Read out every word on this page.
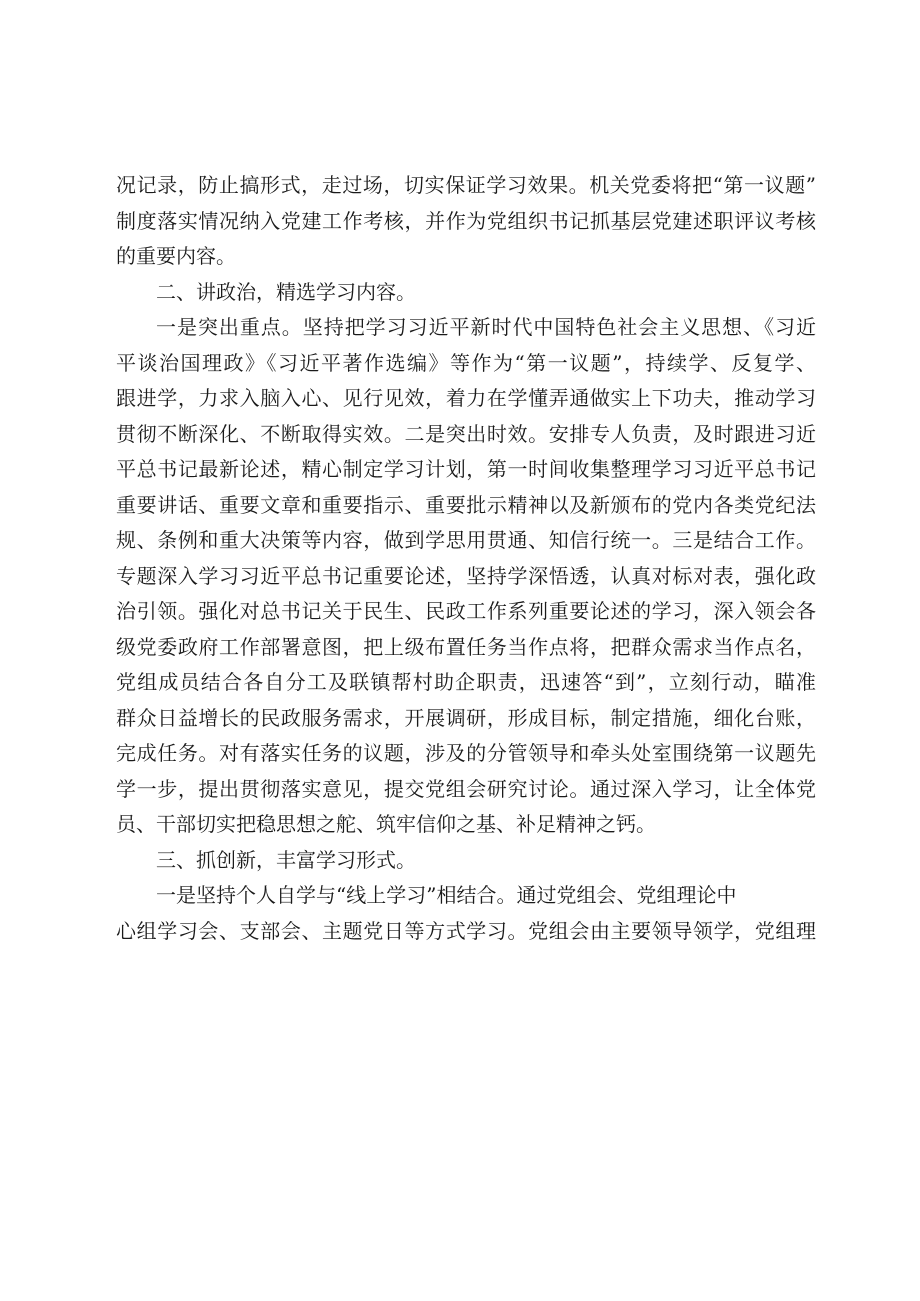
况记录，防止搞形式，走过场，切实保证学习效果。机关党委将把“第一议题”
制度落实情况纳入党建工作考核，并作为党组织书记抓基层党建述职评议考核
的重要内容。
二、讲政治，精选学习内容。
一是突出重点。坚持把学习习近平新时代中国特色社会主义思想、《习近
平谈治国理政》《习近平著作选编》等作为“第一议题”，持续学、反复学、
跟进学，力求入脑入心、见行见效，着力在学懂弄通做实上下功夫，推动学习
贯彻不断深化、不断取得实效。二是突出时效。安排专人负责，及时跟进习近
平总书记最新论述，精心制定学习计划，第一时间收集整理学习习近平总书记
重要讲话、重要文章和重要指示、重要批示精神以及新颁布的党内各类党纪法
规、条例和重大决策等内容，做到学思用贯通、知信行统一。三是结合工作。
专题深入学习习近平总书记重要论述，坚持学深悟透，认真对标对表，强化政
治引领。强化对总书记关于民生、民政工作系列重要论述的学习，深入领会各
级党委政府工作部署意图，把上级布置任务当作点将，把群众需求当作点名，
党组成员结合各自分工及联镇帮村助企职责，迅速答“到”，立刻行动，瞄准
群众日益增长的民政服务需求，开展调研，形成目标，制定措施，细化台账，
完成任务。对有落实任务的议题，涉及的分管领导和牵头处室围绕第一议题先
学一步，提出贯彻落实意见，提交党组会研究讨论。通过深入学习，让全体党
员、干部切实把稳思想之舵、筑牢信仰之基、补足精神之钙。
三、抓创新，丰富学习形式。
一是坚持个人自学与“线上学习”相结合。通过党组会、党组理论中
心组学习会、支部会、主题党日等方式学习。党组会由主要领导领学，党组理
